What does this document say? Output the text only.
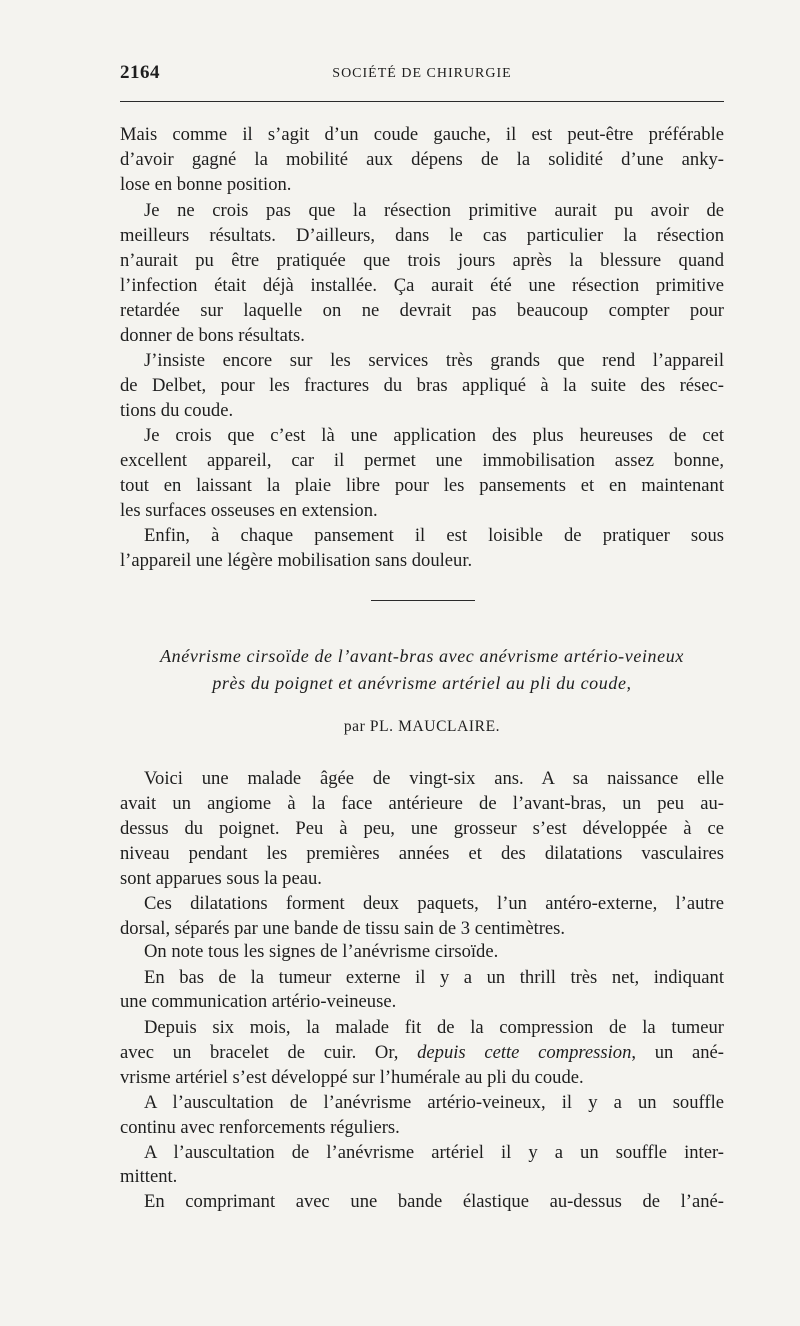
2164	SOCIÉTÉ DE CHIRURGIE
Mais comme il s’agit d’un coude gauche, il est peut-être préférable
d’avoir gagné la mobilité aux dépens de la solidité d’une anky-
lose en bonne position.
Je ne crois pas que la résection primitive aurait pu avoir de
meilleurs résultats. D’ailleurs, dans le cas particulier la résection
n’aurait pu être pratiquée que trois jours après la blessure quand
l’infection était déjà installée. Ça aurait été une résection primitive
retardée sur laquelle on ne devrait pas beaucoup compter pour
donner de bons résultats.
J’insiste encore sur les services très grands que rend l’appareil
de Delbet, pour les fractures du bras appliqué à la suite des résec-
tions du coude.
Je crois que c’est là une application des plus heureuses de cet
excellent appareil, car il permet une immobilisation assez bonne,
tout en laissant la plaie libre pour les pansements et en maintenant
les surfaces osseuses en extension.
Enfin, à chaque pansement il est loisible de pratiquer sous
l’appareil une légère mobilisation sans douleur.
Anévrisme cirsoïde de l’avant-bras avec anévrisme artério-veineux
près du poignet et anévrisme artériel au pli du coude,
par PL. MAUCLAIRE.
Voici une malade âgée de vingt-six ans. A sa naissance elle
avait un angiome à la face antérieure de l’avant-bras, un peu au-
dessus du poignet. Peu à peu, une grosseur s’est développée à ce
niveau pendant les premières années et des dilatations vasculaires
sont apparues sous la peau.
Ces dilatations forment deux paquets, l’un antéro-externe, l’autre
dorsal, séparés par une bande de tissu sain de 3 centimètres.
On note tous les signes de l’anévrisme cirsoïde.
En bas de la tumeur externe il y a un thrill très net, indiquant
une communication artério-veineuse.
Depuis six mois, la malade fit de la compression de la tumeur
avec un bracelet de cuir. Or, depuis cette compression, un ané-
vrisme artériel s’est développé sur l’humérale au pli du coude.
A l’auscultation de l’anévrisme artério-veineux, il y a un souffle
continu avec renforcements réguliers.
A l’auscultation de l’anévrisme artériel il y a un souffle inter-
mittent.
En comprimant avec une bande élastique au-dessus de l’ané-
